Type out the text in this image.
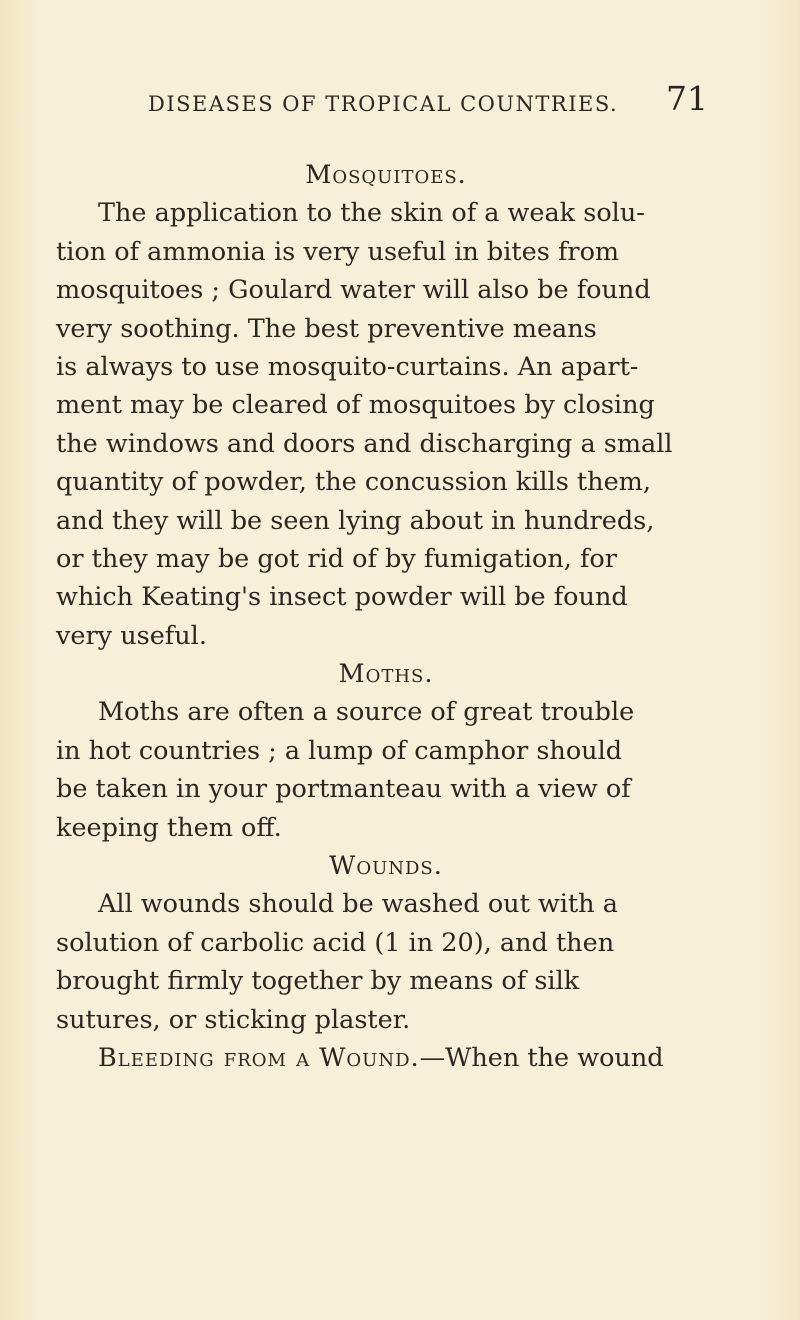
DISEASES OF TROPICAL COUNTRIES. 71
Mosquitoes.
The application to the skin of a weak solu-
tion of ammonia is very useful in bites from
mosquitoes ; Goulard water will also be found
very soothing. The best preventive means
is always to use mosquito-curtains. An apart-
ment may be cleared of mosquitoes by closing
the windows and doors and discharging a small
quantity of powder, the concussion kills them,
and they will be seen lying about in hundreds,
or they may be got rid of by fumigation, for
which Keating's insect powder will be found
very useful.
Moths.
Moths are often a source of great trouble
in hot countries ; a lump of camphor should
be taken in your portmanteau with a view of
keeping them off.
Wounds.
All wounds should be washed out with a
solution of carbolic acid (1 in 20), and then
brought firmly together by means of silk
sutures, or sticking plaster.
Bleeding from a Wound.—When the wound
